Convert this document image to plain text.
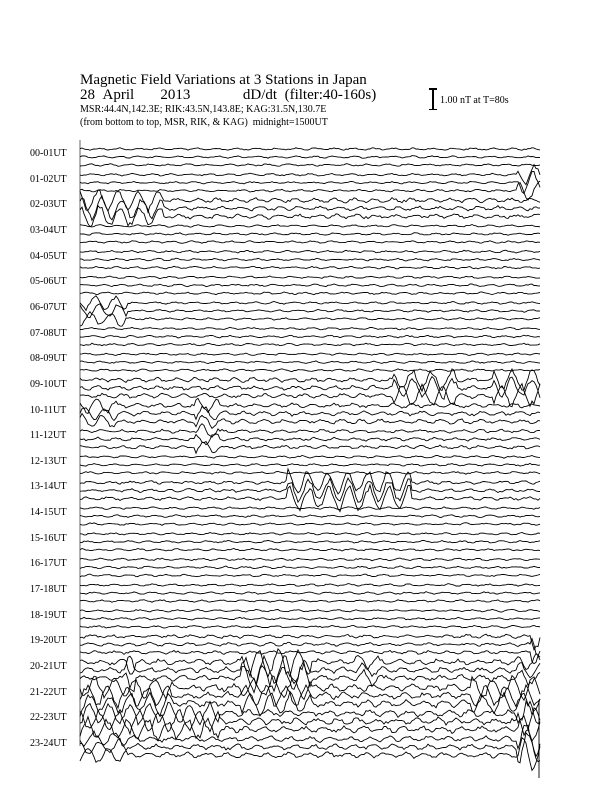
Magnetic Field Variations at 3 Stations in Japan
28 April 2013	dD/dt (filter:40-160s)
MSR:44.4N,142.3E; RIK:43.5N,143.8E; KAG:31.5N,130.7E
(from bottom to top, MSR, RIK, & KAG) midnight=1500UT
1.00 nT at T=80s
00-01UT
01-02UT
02-03UT
03-04UT
04-05UT
05-06UT
06-07UT
07-08UT
08-09UT
09-10UT
10-11UT
11-12UT
12-13UT
13-14UT
14-15UT
15-16UT
16-17UT
17-18UT
18-19UT
19-20UT
20-21UT
21-22UT
22-23UT
23-24UT
